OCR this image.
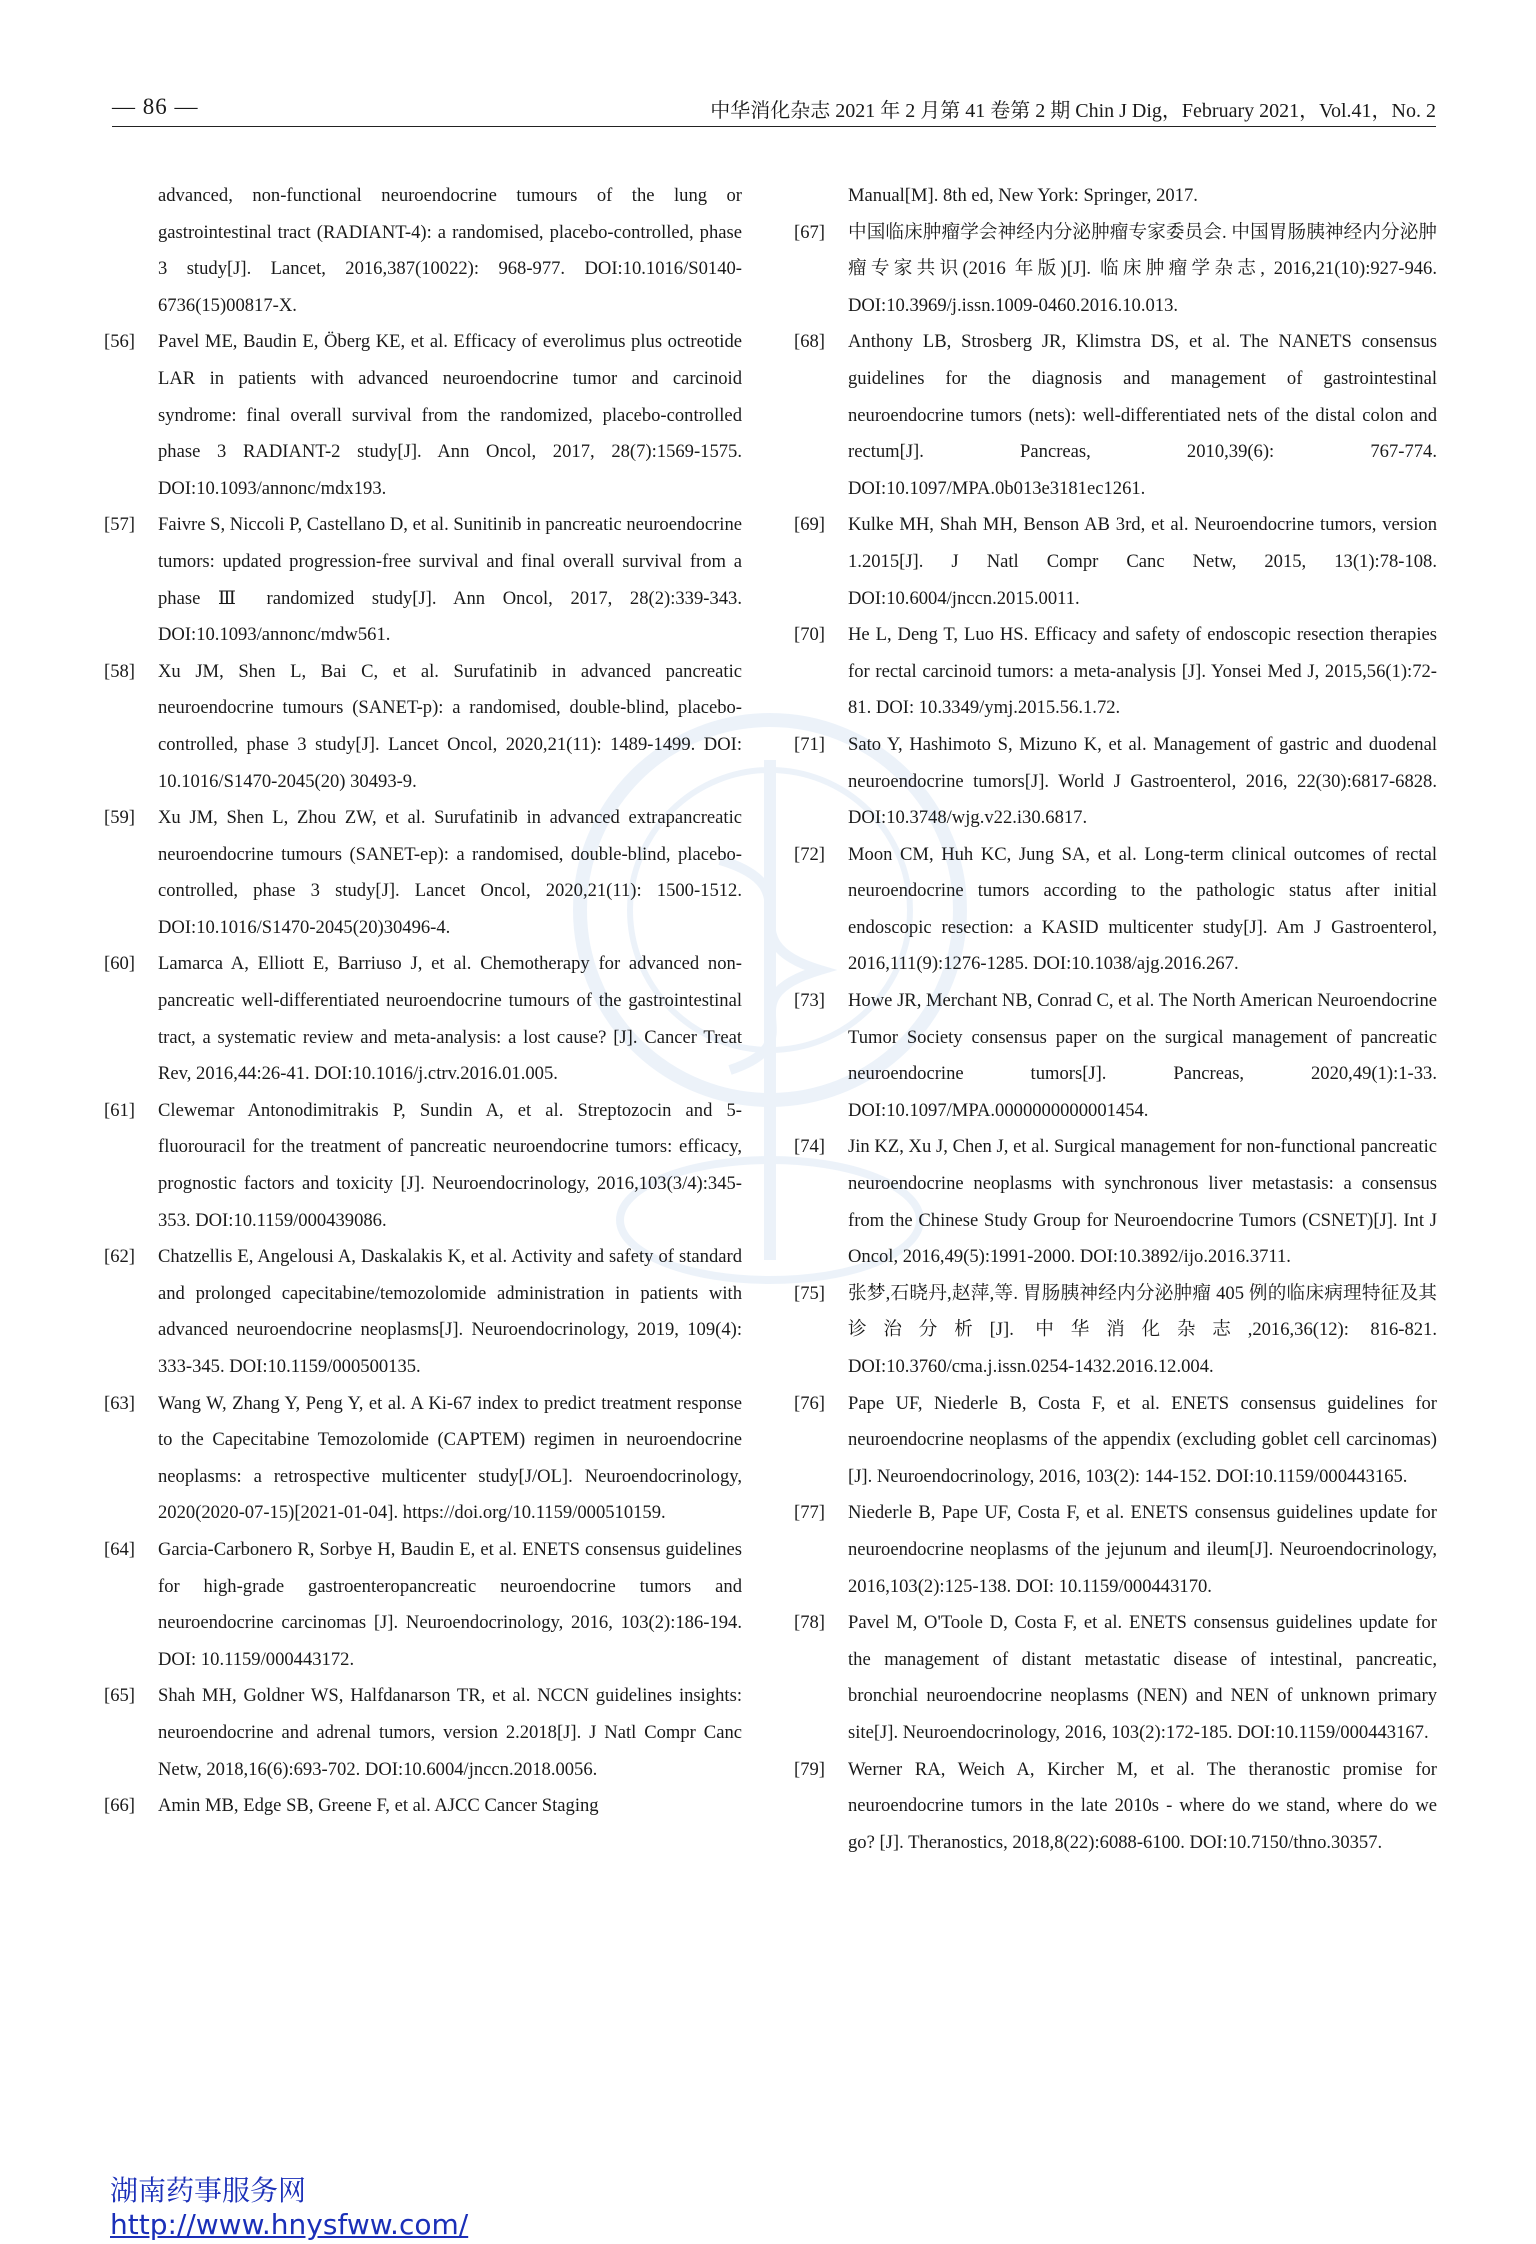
— 86 —	中华消化杂志 2021 年 2 月第 41 卷第 2 期 Chin J Dig，February 2021，Vol.41，No. 2
advanced, non-functional neuroendocrine tumours of the lung or gastrointestinal tract (RADIANT-4): a randomised, placebo-controlled, phase 3 study[J]. Lancet, 2016,387(10022): 968-977. DOI:10.1016/S0140-6736(15)00817-X.
[56] Pavel ME, Baudin E, Öberg KE, et al. Efficacy of everolimus plus octreotide LAR in patients with advanced neuroendocrine tumor and carcinoid syndrome: final overall survival from the randomized, placebo-controlled phase 3 RADIANT-2 study[J]. Ann Oncol, 2017, 28(7):1569-1575. DOI:10.1093/annonc/mdx193.
[57] Faivre S, Niccoli P, Castellano D, et al. Sunitinib in pancreatic neuroendocrine tumors: updated progression-free survival and final overall survival from a phase Ⅲ randomized study[J]. Ann Oncol, 2017, 28(2):339-343. DOI:10.1093/annonc/mdw561.
[58] Xu JM, Shen L, Bai C, et al. Surufatinib in advanced pancreatic neuroendocrine tumours (SANET-p): a randomised, double-blind, placebo-controlled, phase 3 study[J]. Lancet Oncol, 2020,21(11): 1489-1499. DOI: 10.1016/S1470-2045(20) 30493-9.
[59] Xu JM, Shen L, Zhou ZW, et al. Surufatinib in advanced extrapancreatic neuroendocrine tumours (SANET-ep): a randomised, double-blind, placebo-controlled, phase 3 study[J]. Lancet Oncol, 2020,21(11): 1500-1512. DOI:10.1016/S1470-2045(20)30496-4.
[60] Lamarca A, Elliott E, Barriuso J, et al. Chemotherapy for advanced non-pancreatic well-differentiated neuroendocrine tumours of the gastrointestinal tract, a systematic review and meta-analysis: a lost cause? [J]. Cancer Treat Rev, 2016,44:26-41. DOI:10.1016/j.ctrv.2016.01.005.
[61] Clewemar Antonodimitrakis P, Sundin A, et al. Streptozocin and 5-fluorouracil for the treatment of pancreatic neuroendocrine tumors: efficacy, prognostic factors and toxicity [J]. Neuroendocrinology, 2016,103(3/4):345-353. DOI:10.1159/000439086.
[62] Chatzellis E, Angelousi A, Daskalakis K, et al. Activity and safety of standard and prolonged capecitabine/temozolomide administration in patients with advanced neuroendocrine neoplasms[J]. Neuroendocrinology, 2019, 109(4): 333-345. DOI:10.1159/000500135.
[63] Wang W, Zhang Y, Peng Y, et al. A Ki-67 index to predict treatment response to the Capecitabine Temozolomide (CAPTEM) regimen in neuroendocrine neoplasms: a retrospective multicenter study[J/OL]. Neuroendocrinology, 2020(2020-07-15)[2021-01-04]. https://doi.org/10.1159/000510159.
[64] Garcia-Carbonero R, Sorbye H, Baudin E, et al. ENETS consensus guidelines for high-grade gastroenteropancreatic neuroendocrine tumors and neuroendocrine carcinomas [J]. Neuroendocrinology, 2016, 103(2):186-194. DOI: 10.1159/000443172.
[65] Shah MH, Goldner WS, Halfdanarson TR, et al. NCCN guidelines insights: neuroendocrine and adrenal tumors, version 2.2018[J]. J Natl Compr Canc Netw, 2018,16(6):693-702. DOI:10.6004/jnccn.2018.0056.
[66] Amin MB, Edge SB, Greene F, et al. AJCC Cancer Staging
Manual[M]. 8th ed, New York: Springer, 2017.
[67] 中国临床肿瘤学会神经内分泌肿瘤专家委员会. 中国胃肠胰神经内分泌肿瘤专家共识(2016 年版)[J]. 临床肿瘤学杂志, 2016,21(10):927-946. DOI:10.3969/j.issn.1009-0460.2016.10.013.
[68] Anthony LB, Strosberg JR, Klimstra DS, et al. The NANETS consensus guidelines for the diagnosis and management of gastrointestinal neuroendocrine tumors (nets): well-differentiated nets of the distal colon and rectum[J]. Pancreas, 2010,39(6): 767-774. DOI:10.1097/MPA.0b013e3181ec1261.
[69] Kulke MH, Shah MH, Benson AB 3rd, et al. Neuroendocrine tumors, version 1.2015[J]. J Natl Compr Canc Netw, 2015, 13(1):78-108. DOI:10.6004/jnccn.2015.0011.
[70] He L, Deng T, Luo HS. Efficacy and safety of endoscopic resection therapies for rectal carcinoid tumors: a meta-analysis [J]. Yonsei Med J, 2015,56(1):72-81. DOI: 10.3349/ymj.2015.56.1.72.
[71] Sato Y, Hashimoto S, Mizuno K, et al. Management of gastric and duodenal neuroendocrine tumors[J]. World J Gastroenterol, 2016, 22(30):6817-6828. DOI:10.3748/wjg.v22.i30.6817.
[72] Moon CM, Huh KC, Jung SA, et al. Long-term clinical outcomes of rectal neuroendocrine tumors according to the pathologic status after initial endoscopic resection: a KASID multicenter study[J]. Am J Gastroenterol, 2016,111(9):1276-1285. DOI:10.1038/ajg.2016.267.
[73] Howe JR, Merchant NB, Conrad C, et al. The North American Neuroendocrine Tumor Society consensus paper on the surgical management of pancreatic neuroendocrine tumors[J]. Pancreas, 2020,49(1):1-33. DOI:10.1097/MPA.0000000000001454.
[74] Jin KZ, Xu J, Chen J, et al. Surgical management for non-functional pancreatic neuroendocrine neoplasms with synchronous liver metastasis: a consensus from the Chinese Study Group for Neuroendocrine Tumors (CSNET)[J]. Int J Oncol, 2016,49(5):1991-2000. DOI:10.3892/ijo.2016.3711.
[75] 张梦,石晓丹,赵萍,等. 胃肠胰神经内分泌肿瘤 405 例的临床病理特征及其诊治分析[J]. 中华消化杂志,2016,36(12): 816-821. DOI:10.3760/cma.j.issn.0254-1432.2016.12.004.
[76] Pape UF, Niederle B, Costa F, et al. ENETS consensus guidelines for neuroendocrine neoplasms of the appendix (excluding goblet cell carcinomas)[J]. Neuroendocrinology, 2016, 103(2): 144-152. DOI:10.1159/000443165.
[77] Niederle B, Pape UF, Costa F, et al. ENETS consensus guidelines update for neuroendocrine neoplasms of the jejunum and ileum[J]. Neuroendocrinology, 2016,103(2):125-138. DOI: 10.1159/000443170.
[78] Pavel M, O'Toole D, Costa F, et al. ENETS consensus guidelines update for the management of distant metastatic disease of intestinal, pancreatic, bronchial neuroendocrine neoplasms (NEN) and NEN of unknown primary site[J]. Neuroendocrinology, 2016, 103(2):172-185. DOI:10.1159/000443167.
[79] Werner RA, Weich A, Kircher M, et al. The theranostic promise for neuroendocrine tumors in the late 2010s - where do we stand, where do we go? [J]. Theranostics, 2018,8(22):6088-6100. DOI:10.7150/thno.30357.
湖南药事服务网
http://www.hnysfww.com/
